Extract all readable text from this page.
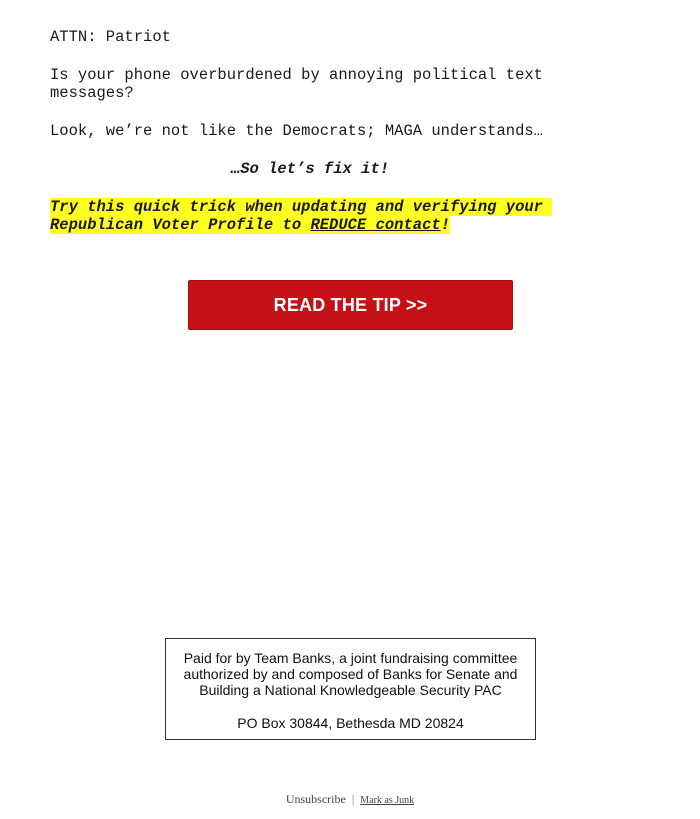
ATTN: Patriot

Is your phone overburdened by annoying political text messages?

Look, we’re not like the Democrats; MAGA understands…

…So let’s fix it!

Try this quick trick when updating and verifying your Republican Voter Profile to REDUCE contact!

READ THE TIP >>
Paid for by Team Banks, a joint fundraising committee
authorized by and composed of Banks for Senate and
Building a National Knowledgeable Security PAC
PO Box 30844, Bethesda MD 20824
Unsubscribe | Mark as Junk
